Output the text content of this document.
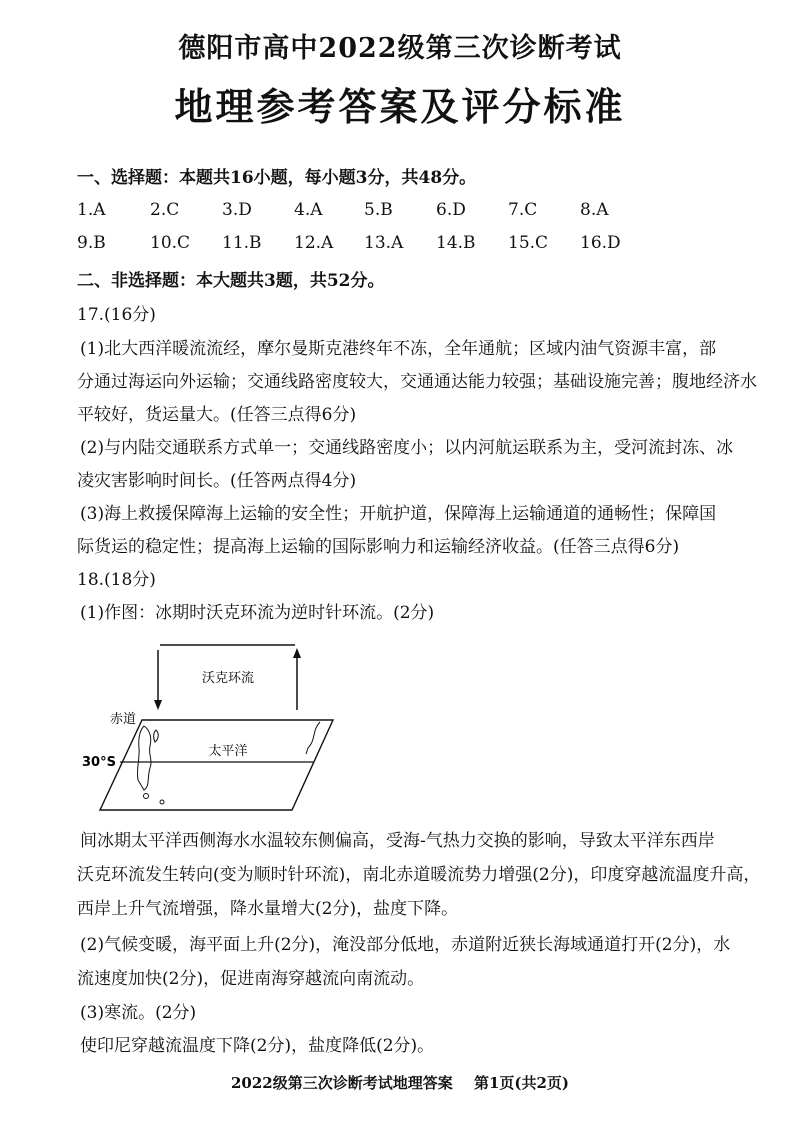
德阳市高中2022级第三次诊断考试
地理参考答案及评分标准
一、选择题：本题共16小题，每小题3分，共48分。
1.A	2.C	3.D 4.A 5.B	6.D 7.C	8.A
9.B	10.C 11.B 12.A 13.A 14.B 15.C 16.D
二、非选择题：本大题共3题，共52分。
17.(16分)
(1)北大西洋暖流流经，摩尔曼斯克港终年不冻，全年通航；区域内油气资源丰富，部
分通过海运向外运输；交通线路密度较大，交通通达能力较强；基础设施完善；腹地经济水
平较好，货运量大。(任答三点得6分)
(2)与内陆交通联系方式单一；交通线路密度小；以内河航运联系为主，受河流封冻、冰
凌灾害影响时间长。(任答两点得4分)
(3)海上救援保障海上运输的安全性；开航护道，保障海上运输通道的通畅性；保障国
际货运的稳定性；提高海上运输的国际影响力和运输经济收益。(任答三点得6分)
18.(18分)
(1)作图：冰期时沃克环流为逆时针环流。(2分)
沃克环流
太平洋
赤道
30°S
间冰期太平洋西侧海水水温较东侧偏高，受海-气热力交换的影响，导致太平洋东西岸
沃克环流发生转向(变为顺时针环流)，南北赤道暖流势力增强(2分)，印度穿越流温度升高，
西岸上升气流增强，降水量增大(2分)，盐度下降。
(2)气候变暖，海平面上升(2分)，淹没部分低地，赤道附近狭长海域通道打开(2分)，水
流速度加快(2分)，促进南海穿越流向南流动。
(3)寒流。(2分)
使印尼穿越流温度下降(2分)，盐度降低(2分)。
2022级第三次诊断考试地理答案 第1页(共2页)
